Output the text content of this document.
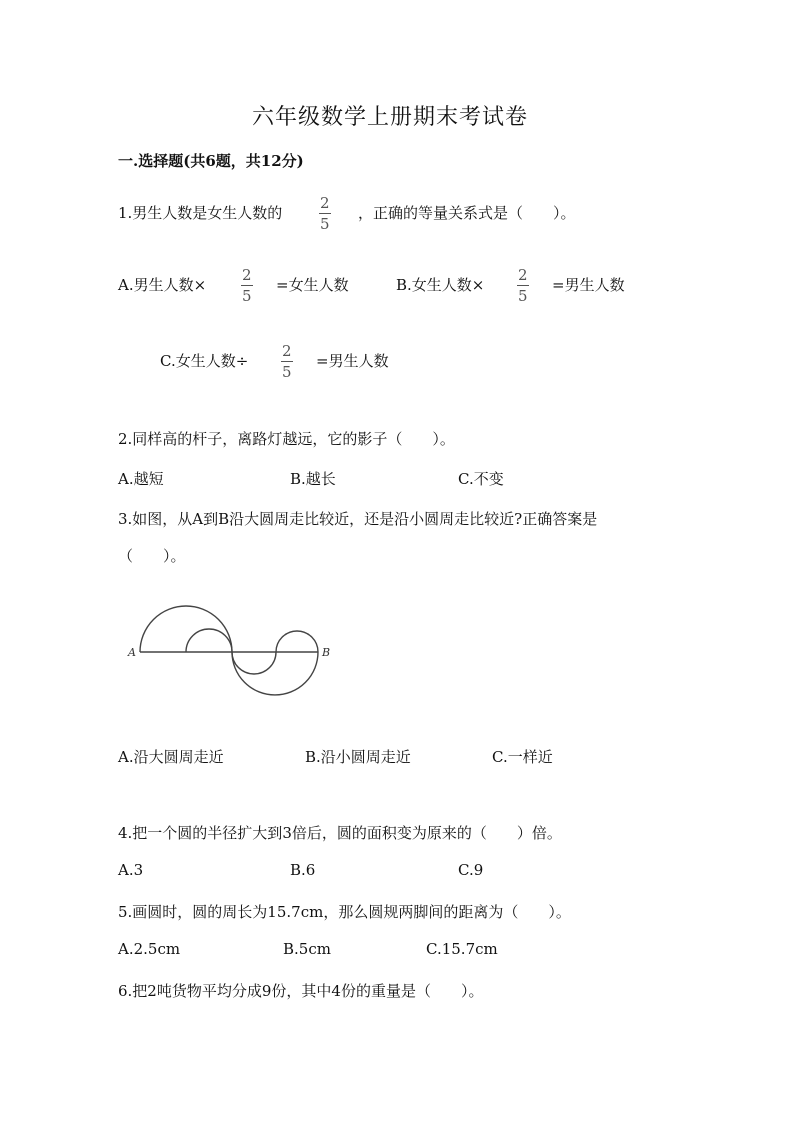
六年级数学上册期末考试卷
一.选择题(共6题，共12分)
1.男生人数是女生人数的
2
5
，正确的等量关系式是（　　）。
A.男生人数×
2
5
=女生人数	B.女生人数×
2
5
=男生人数
C.女生人数÷
2
5
=男生人数
2.同样高的杆子，离路灯越远，它的影子（　　）。
A.越短	B.越长	C.不变
3.如图，从A到B沿大圆周走比较近，还是沿小圆周走比较近?正确答案是
（　　）。
A	B
A.沿大圆周走近	B.沿小圆周走近	C.一样近
4.把一个圆的半径扩大到3倍后，圆的面积变为原来的（　　）倍。
A.3	B.6	C.9
5.画圆时，圆的周长为15.7cm，那么圆规两脚间的距离为（　　）。
A.2.5cm	B.5cm	C.15.7cm
6.把2吨货物平均分成9份，其中4份的重量是（　　）。
